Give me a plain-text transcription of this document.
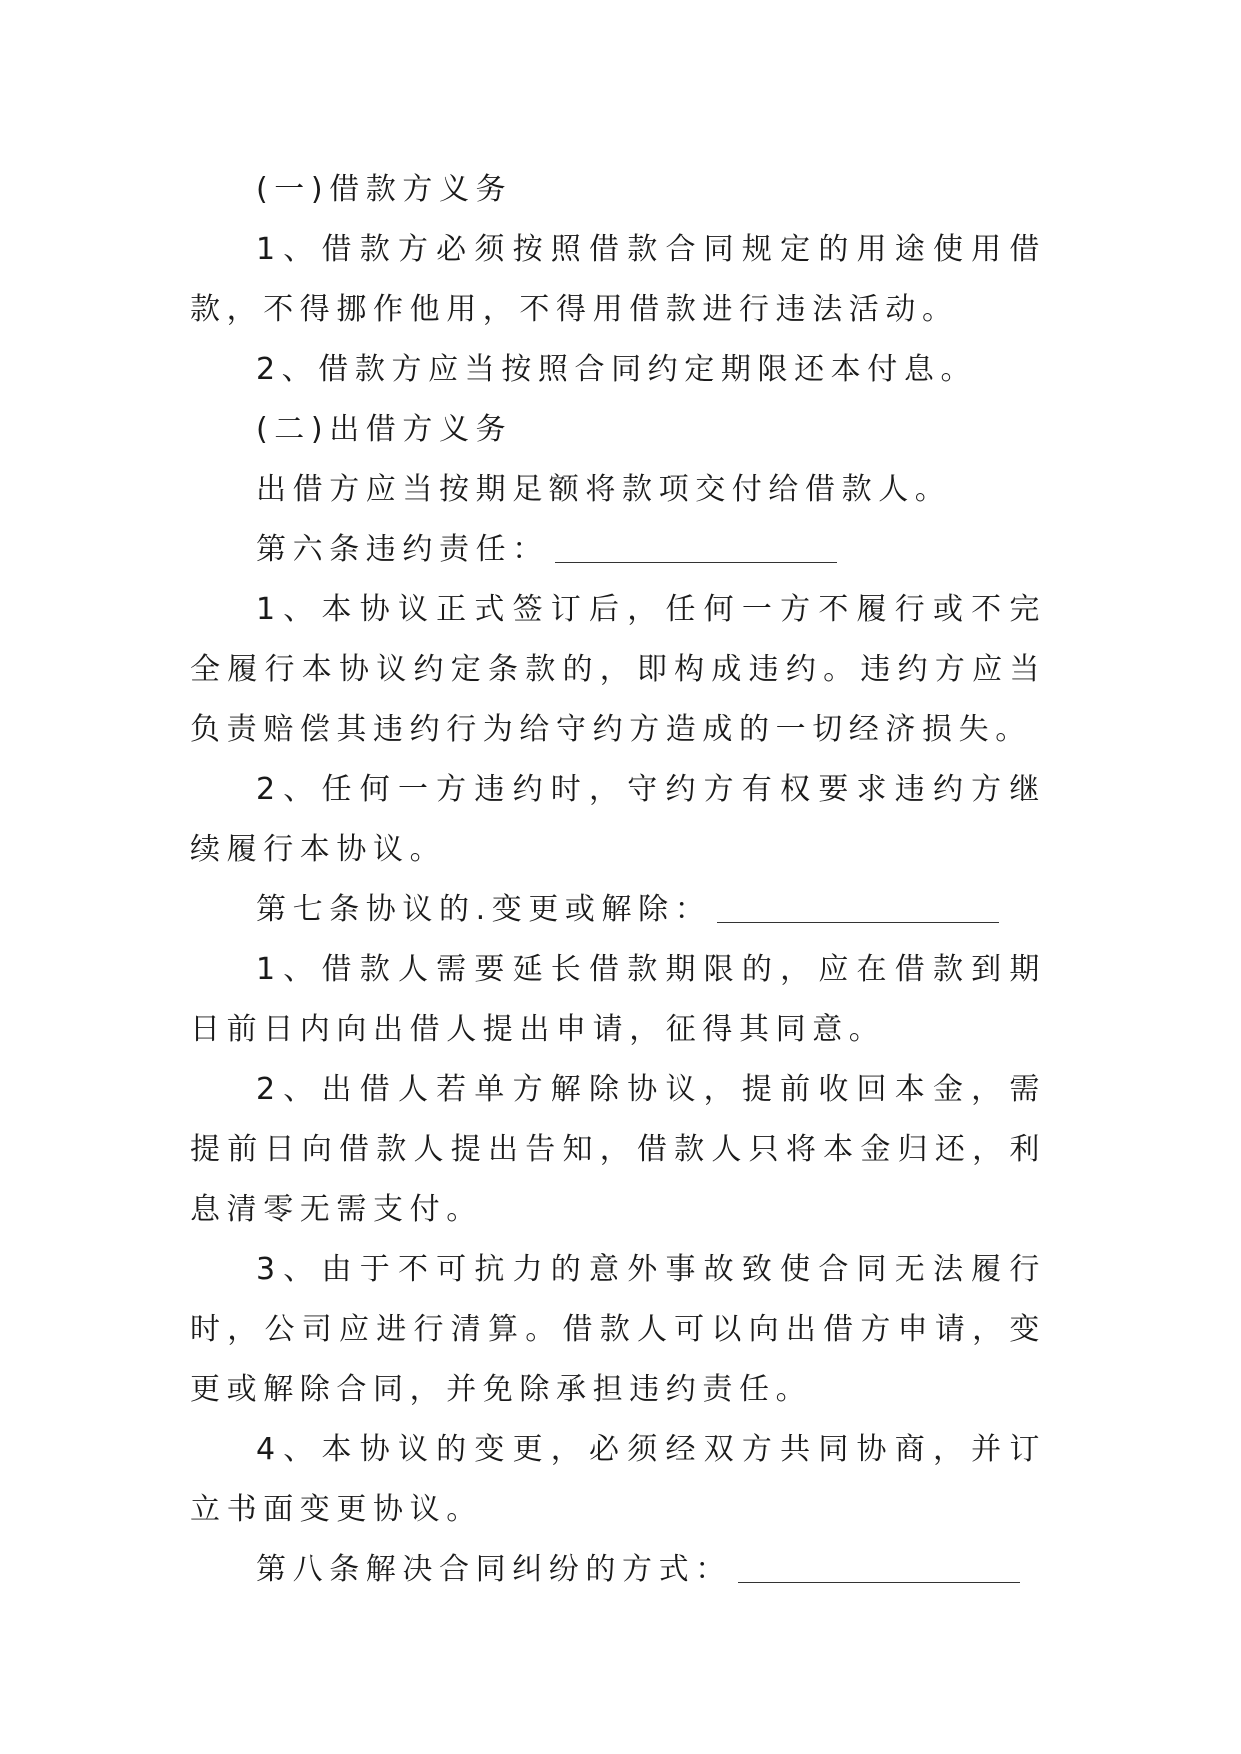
(一)借款方义务

1、借款方必须按照借款合同规定的用途使用借款，不得挪作他用，不得用借款进行违法活动。

2、借款方应当按照合同约定期限还本付息。

(二)出借方义务

出借方应当按期足额将款项交付给借款人。

第六条违约责任：

1、本协议正式签订后，任何一方不履行或不完全履行本协议约定条款的，即构成违约。违约方应当负责赔偿其违约行为给守约方造成的一切经济损失。

2、任何一方违约时，守约方有权要求违约方继续履行本协议。

第七条协议的.变更或解除：

1、借款人需要延长借款期限的，应在借款到期日前日内向出借人提出申请，征得其同意。

2、出借人若单方解除协议，提前收回本金，需提前日向借款人提出告知，借款人只将本金归还，利息清零无需支付。

3、由于不可抗力的意外事故致使合同无法履行时，公司应进行清算。借款人可以向出借方申请，变更或解除合同，并免除承担违约责任。

4、本协议的变更，必须经双方共同协商，并订立书面变更协议。

第八条解决合同纠纷的方式：
